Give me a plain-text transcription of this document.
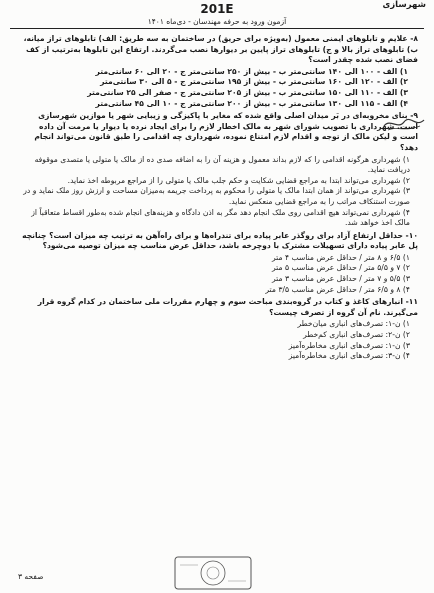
شهرسازی
201E
آزمون ورود به حرفه مهندسان - دی‌ماه ۱۴۰۱

۸- علایم و تابلوهای ایمنی معمول (به‌ویژه برای حریق) در ساختمان به سه طریق: الف) تابلوهای تراز میانه، ب) تابلوهای تراز بالا و ج) تابلوهای تراز پایین بر دیوارها نصب می‌گردند. ارتفاع این تابلوها به‌ترتیب از کف فضای نصب شده چقدر است؟

۱) الف - ۱۰۰ الی ۱۴۰ سانتی‌متر ب - بیش از ۲۵۰ سانتی‌متر ج - ۲۰ الی ۶۰ سانتی‌متر

۲) الف - ۱۲۰ الی ۱۶۰ سانتی‌متر ب - بیش از ۱۹۵ سانتی‌متر ج - ۵ الی ۳۰ سانتی‌متر

۳) الف - ۱۱۰ الی ۱۵۰ سانتی‌متر ب - بیش از ۲۰۵ سانتی‌متر ج - صفر الی ۲۵ سانتی‌متر

۴) الف - ۱۱۵ الی ۱۳۰ سانتی‌متر ب - بیش از ۲۰۰ سانتی‌متر ج - ۱۰ الی ۴۵ سانتی‌متر

۹- بنای مخروبه‌ای در بَر میدان اصلی واقع شده که مغایر با پاکیزگی و زیبایی شهر یا موازین شهرسازی است. شهرداری با تصویب شورای شهر به مالک اخطار لازم را برای ایجاد نرده یا دیوار یا مرمت آن داده است و لیکن مالک از توجه و اقدام لازم امتناع نموده، شهرداری چه اقدامی را طبق قانون می‌تواند انجام دهد؟

۱) شهرداری هرگونه اقدامی را که لازم بداند معمول و هزینه آن را به اضافه صدی ده از مالک یا متولی یا متصدی موقوفه دریافت نماید.

۲) شهرداری می‌تواند ابتدا به مراجع قضایی شکایت و حکم جلب مالک یا متولی را از مراجع مربوطه اخذ نماید.

۳) شهرداری می‌تواند از همان ابتدا مالک یا متولی را محکوم به پرداخت جریمه به‌میزان مساحت و ارزش روز ملک نماید و در صورت استنکاف مراتب را به مراجع قضایی منعکس نماید.

۴) شهرداری نمی‌تواند هیچ اقدامی روی ملک انجام دهد مگر به اذن دادگاه و هزینه‌های انجام شده به‌طور اقساط متعاقباً از مالک اخذ خواهد شد.

۱۰- حداقل ارتفاع آزاد برای روگذر عابر پیاده برای تندراه‌ها و برای راه‌آهن به ترتیب چه میزان است؟ چنانچه پل عابر پیاده دارای تسهیلات مشترک با دوچرخه باشد، حداقل عرض مناسب چه میزان توصیه می‌شود؟

۱) ۶/۵ و ۸ متر / حداقل عرض مناسب ۴ متر

۲) ۷ و ۵/۵ متر / حداقل عرض مناسب ۵ متر

۳) ۵/۵ و ۷ متر / حداقل عرض مناسب ۳ متر

۴) ۸ و ۶/۵ متر / حداقل عرض مناسب ۳/۵ متر

۱۱- انبارهای کاغذ و کتاب در گروه‌بندی مباحث سوم و چهارم مقررات ملی ساختمان در کدام گروه قرار می‌گیرند. نام آن گروه از تصرف چیست؟

۱) ن-۱: تصرف‌های انباری میان‌خطر

۲) ن-۲: تصرف‌های انباری کم‌خطر

۳) ن-۱: تصرف‌های انباری مخاطره‌آمیز

۴) ن-۳: تصرف‌های انباری مخاطره‌آمیز

صفحه ۳
